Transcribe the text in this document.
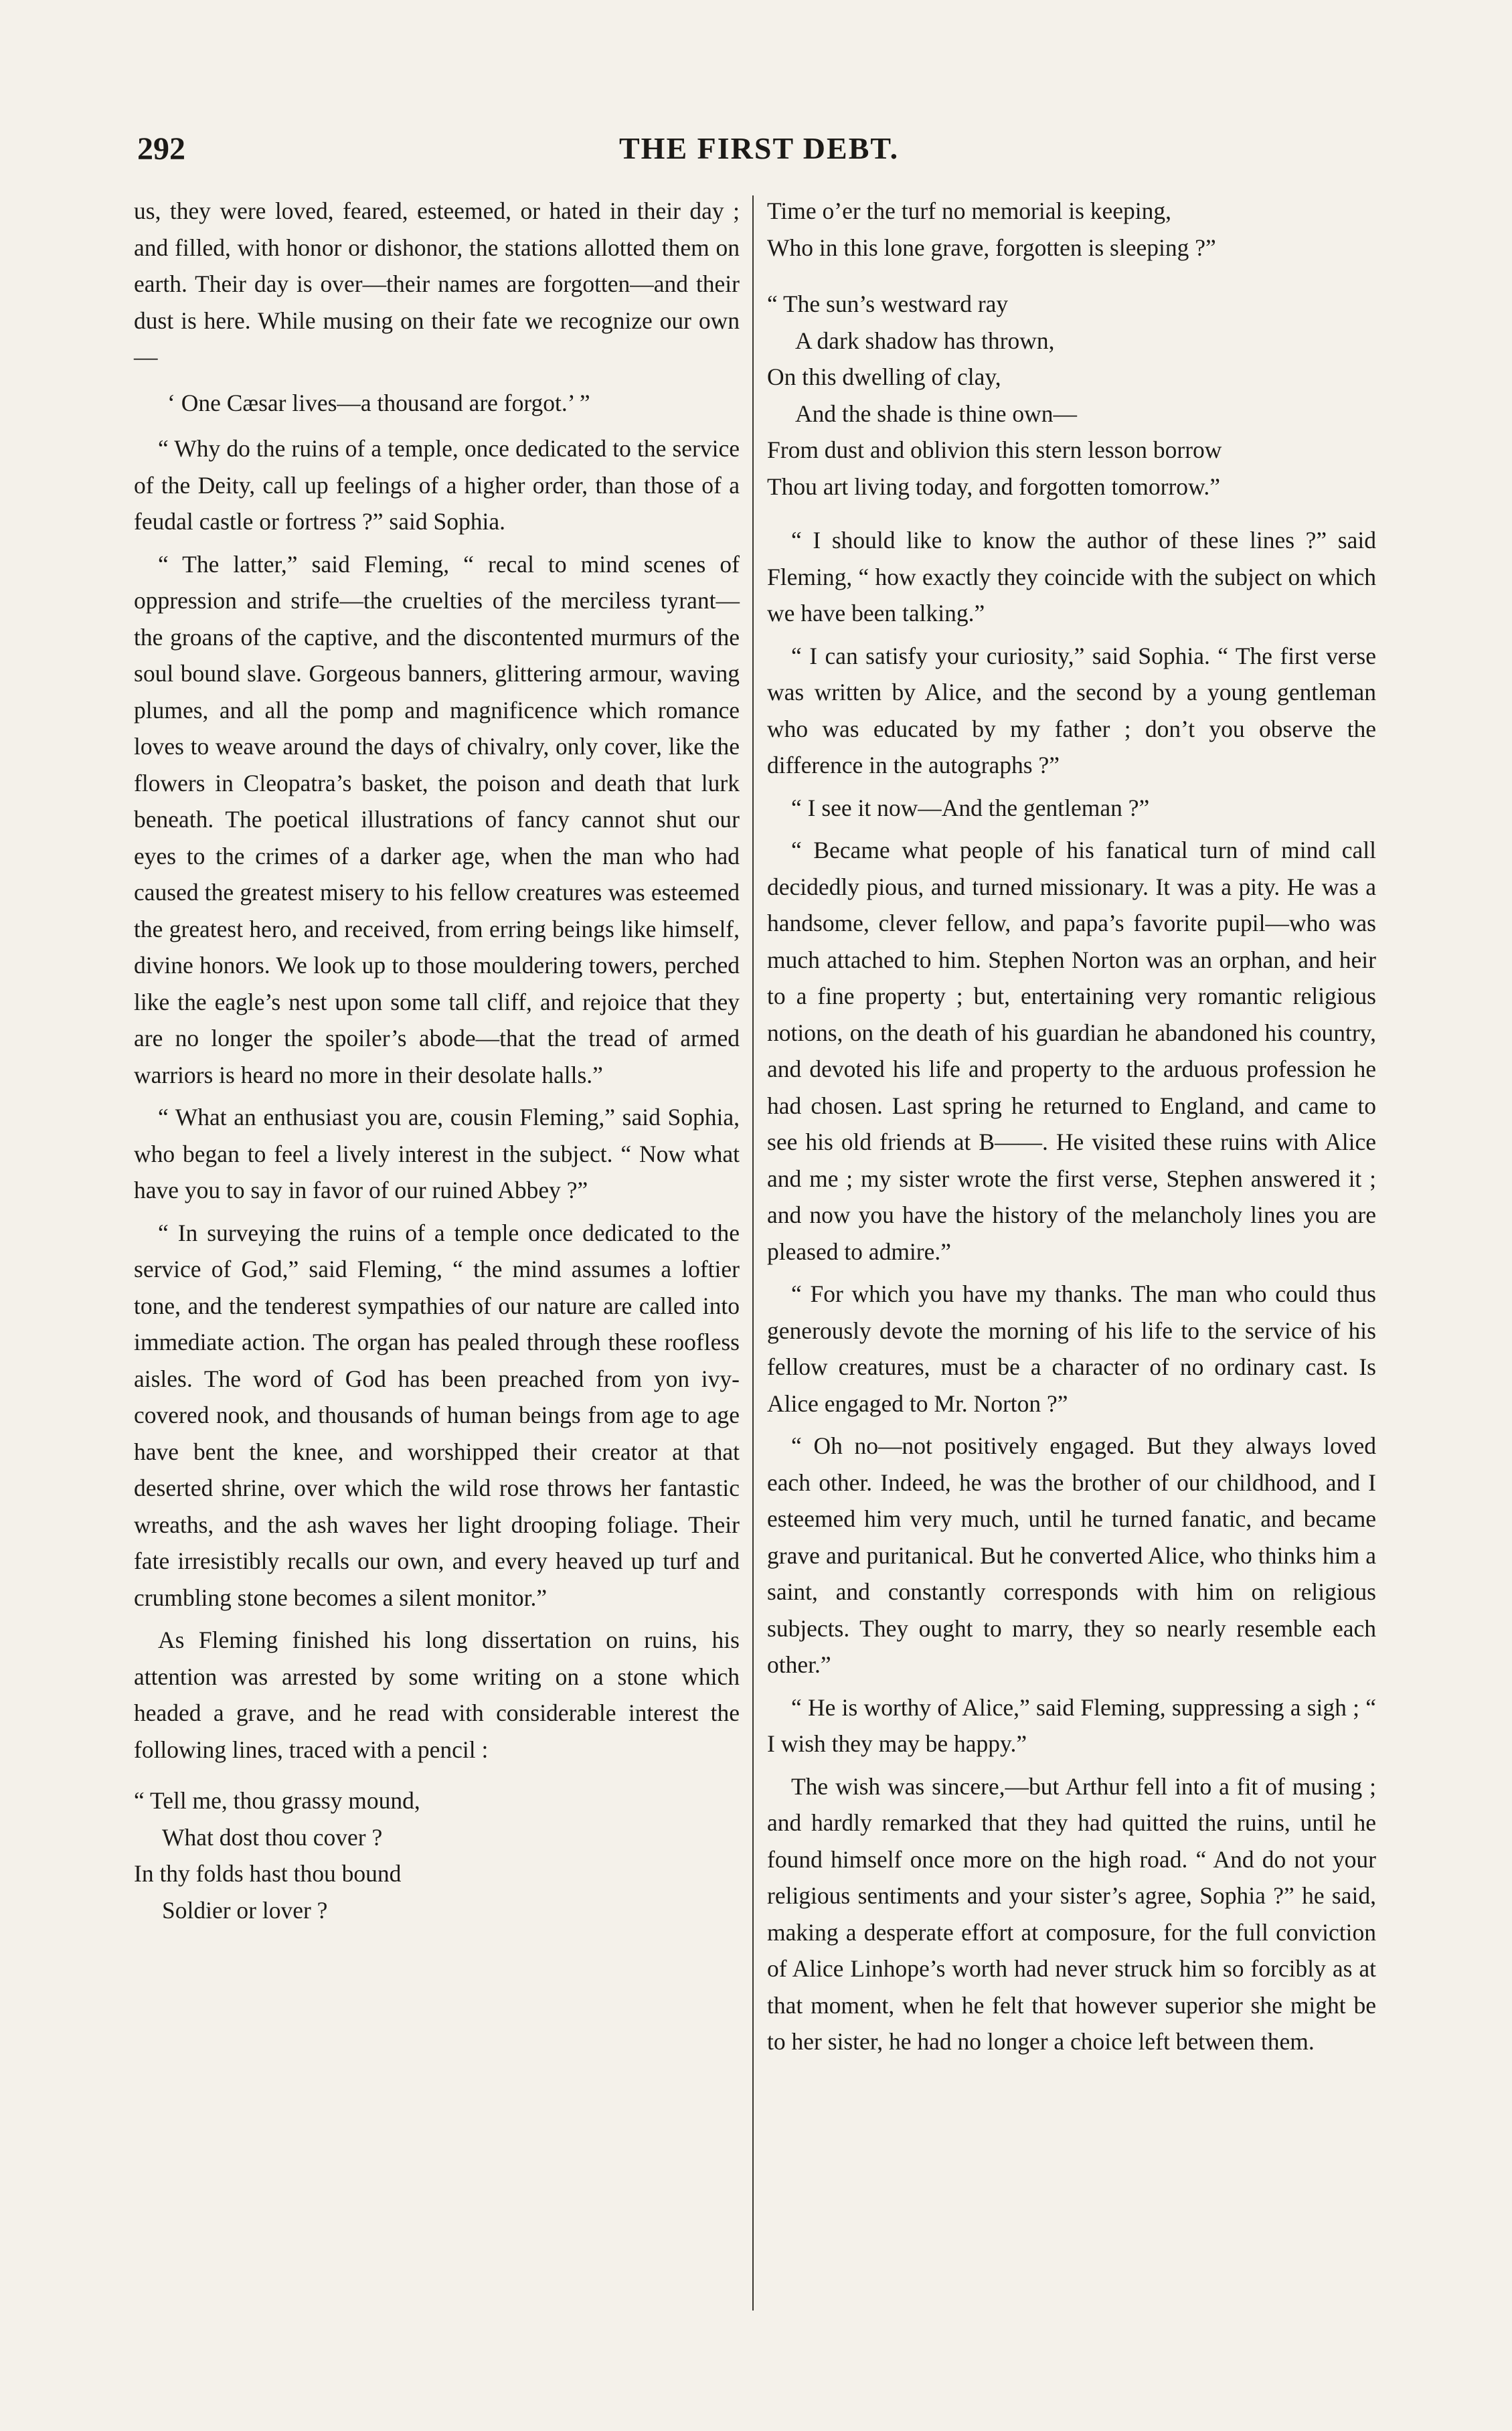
292	THE FIRST DEBT.

us, they were loved, feared, esteemed, or hated in their day ; and filled, with honor or dishonor, the stations allotted them on earth. Their day is over—their names are forgotten—and their dust is here. While musing on their fate we recognize our own—

‘ One Cæsar lives—a thousand are forgot.’ ”

“ Why do the ruins of a temple, once dedicated to the service of the Deity, call up feelings of a higher order, than those of a feudal castle or fortress ?” said Sophia.

“ The latter,” said Fleming, “ recal to mind scenes of oppression and strife—the cruelties of the merciless tyrant—the groans of the captive, and the discontented murmurs of the soul bound slave. Gorgeous banners, glittering armour, waving plumes, and all the pomp and magnificence which romance loves to weave around the days of chivalry, only cover, like the flowers in Cleopatra’s basket, the poison and death that lurk beneath. The poetical illustrations of fancy cannot shut our eyes to the crimes of a darker age, when the man who had caused the greatest misery to his fellow creatures was esteemed the greatest hero, and received, from erring beings like himself, divine honors. We look up to those mouldering towers, perched like the eagle’s nest upon some tall cliff, and rejoice that they are no longer the spoiler’s abode—that the tread of armed warriors is heard no more in their desolate halls.”

“ What an enthusiast you are, cousin Fleming,” said Sophia, who began to feel a lively interest in the subject. “ Now what have you to say in favor of our ruined Abbey ?”

“ In surveying the ruins of a temple once dedicated to the service of God,” said Fleming, “ the mind assumes a loftier tone, and the tenderest sympathies of our nature are called into immediate action. The organ has pealed through these roofless aisles. The word of God has been preached from yon ivy-covered nook, and thousands of human beings from age to age have bent the knee, and worshipped their creator at that deserted shrine, over which the wild rose throws her fantastic wreaths, and the ash waves her light drooping foliage. Their fate irresistibly recalls our own, and every heaved up turf and crumbling stone becomes a silent monitor.”

As Fleming finished his long dissertation on ruins, his attention was arrested by some writing on a stone which headed a grave, and he read with considerable interest the following lines, traced with a pencil :

“ Tell me, thou grassy mound,
What dost thou cover ?
In thy folds hast thou bound
Soldier or lover ?
Time o’er the turf no memorial is keeping,
Who in this lone grave, forgotten is sleeping ?”
“ The sun’s westward ray
A dark shadow has thrown,
On this dwelling of clay,
And the shade is thine own—
From dust and oblivion this stern lesson borrow
Thou art living today, and forgotten tomorrow.”

“ I should like to know the author of these lines ?” said Fleming, “ how exactly they coincide with the subject on which we have been talking.”

“ I can satisfy your curiosity,” said Sophia. “ The first verse was written by Alice, and the second by a young gentleman who was educated by my father ; don’t you observe the difference in the autographs ?”

“ I see it now—And the gentleman ?”

“ Became what people of his fanatical turn of mind call decidedly pious, and turned missionary. It was a pity. He was a handsome, clever fellow, and papa’s favorite pupil—who was much attached to him. Stephen Norton was an orphan, and heir to a fine property ; but, entertaining very romantic religious notions, on the death of his guardian he abandoned his country, and devoted his life and property to the arduous profession he had chosen. Last spring he returned to England, and came to see his old friends at B——. He visited these ruins with Alice and me ; my sister wrote the first verse, Stephen answered it ; and now you have the history of the melancholy lines you are pleased to admire.”

“ For which you have my thanks. The man who could thus generously devote the morning of his life to the service of his fellow creatures, must be a character of no ordinary cast. Is Alice engaged to Mr. Norton ?”

“ Oh no—not positively engaged. But they always loved each other. Indeed, he was the brother of our childhood, and I esteemed him very much, until he turned fanatic, and became grave and puritanical. But he converted Alice, who thinks him a saint, and constantly corresponds with him on religious subjects. They ought to marry, they so nearly resemble each other.”

“ He is worthy of Alice,” said Fleming, suppressing a sigh ; “ I wish they may be happy.”

The wish was sincere,—but Arthur fell into a fit of musing ; and hardly remarked that they had quitted the ruins, until he found himself once more on the high road. “ And do not your religious sentiments and your sister’s agree, Sophia ?” he said, making a desperate effort at composure, for the full conviction of Alice Linhope’s worth had never struck him so forcibly as at that moment, when he felt that however superior she might be to her sister, he had no longer a choice left between them.
